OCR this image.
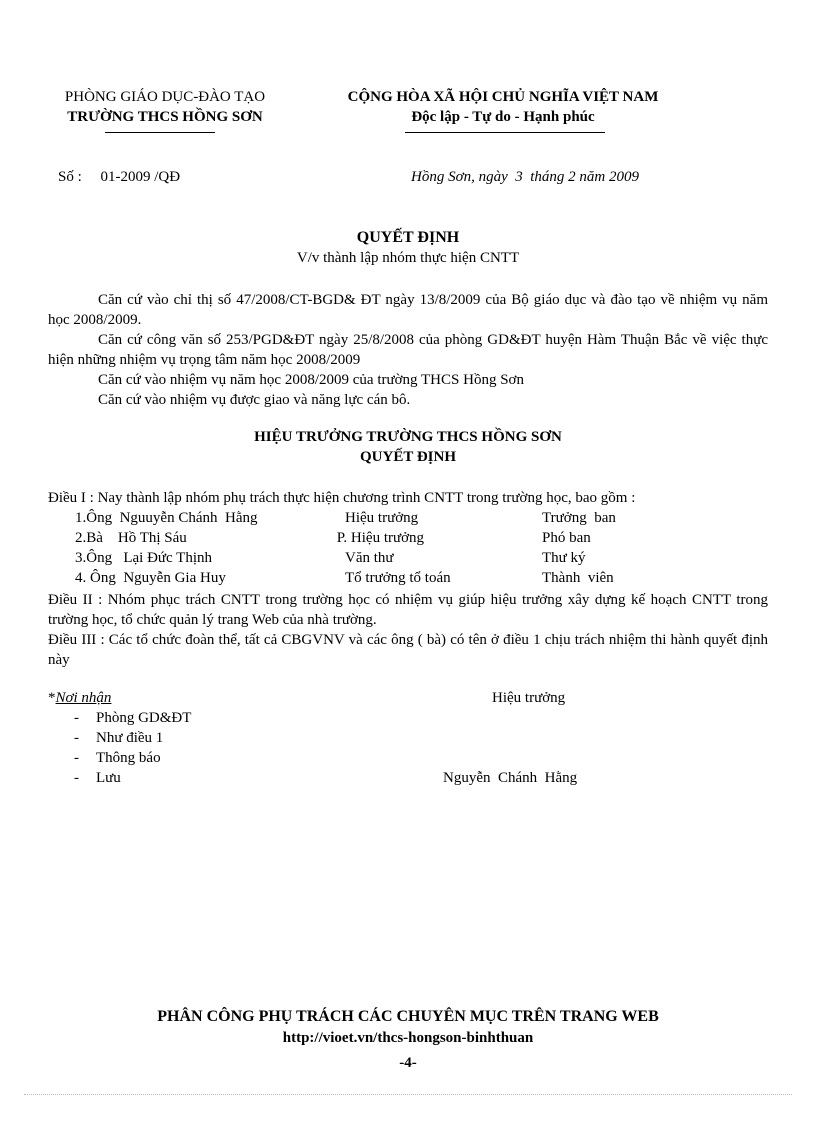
PHÒNG GIÁO DỤC-ĐÀO TẠO
TRƯỜNG THCS HỒNG SƠN
CỘNG HÒA XÃ HỘI CHỦ NGHĨA VIỆT NAM
Độc lập - Tự do - Hạnh phúc
Số :     01-2009 /QĐ	Hồng Sơn, ngày  3  tháng 2 năm 2009
QUYẾT ĐỊNH
V/v thành lập nhóm thực hiện CNTT
Căn cứ vào chỉ thị số 47/2008/CT-BGD& ĐT ngày 13/8/2009 của Bộ giáo dục và đào tạo về nhiệm vụ năm học 2008/2009.
Căn cứ công văn số 253/PGD&ĐT ngày 25/8/2008 của phòng GD&ĐT huyện Hàm Thuận Bắc về việc thực hiện những nhiệm vụ trọng tâm năm học 2008/2009
Căn cứ vào nhiệm vụ năm học 2008/2009 của trường THCS Hồng Sơn
Căn cứ vào nhiệm vụ được giao và năng lực cán bô.
HIỆU TRƯỞNG TRƯỜNG THCS HỒNG SƠN
QUYẾT ĐỊNH
Điều I : Nay thành lập nhóm phụ trách thực hiện chương trình CNTT trong trường học, bao gồm :
1.Ông  Nguuyễn Chánh  Hằng	Hiệu trưởng	Trưởng  ban
2.Bà    Hồ Thị Sáu	P. Hiệu trưởng	Phó ban
3.Ông   Lại Đức Thịnh	Văn thư	Thư ký
4. Ông  Nguyễn Gia Huy	Tổ trưởng tổ toán	Thành  viên
Điều II : Nhóm phục trách CNTT trong trường học có nhiệm vụ giúp hiệu trưởng xây dựng kế hoạch CNTT trong trường học, tổ chức quản lý trang Web của nhà trường.
Điều III : Các tổ chức đoàn thể, tất cả CBGVNV và các ông ( bà) có tên ở điều 1 chịu trách nhiệm thi hành quyết định này
*Nơi nhận
- Phòng GD&ĐT
- Như điều 1
- Thông báo
- Lưu
Hiệu trưởng
Nguyễn  Chánh  Hằng
PHÂN CÔNG PHỤ TRÁCH CÁC CHUYÊN MỤC TRÊN TRANG WEB
http://vioet.vn/thcs-hongson-binhthuan
-4-
